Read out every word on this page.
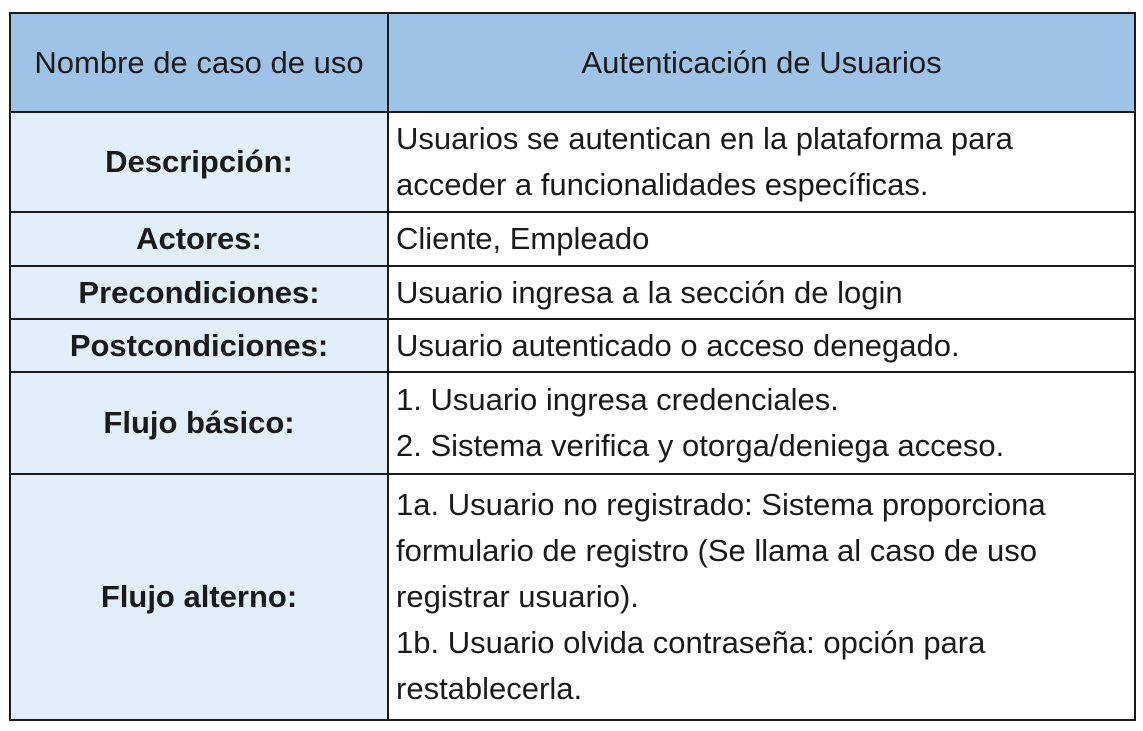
Nombre de caso de uso	Autenticación de Usuarios
Descripción:	Usuarios se autentican en la plataforma para
acceder a funcionalidades específicas.

Actores:	Cliente, Empleado

Precondiciones:	Usuario ingresa a la sección de login

Postcondiciones:	Usuario autenticado o acceso denegado.

Flujo básico:	1. Usuario ingresa credenciales.
2. Sistema verifica y otorga/deniega acceso.

Flujo alterno:	1a. Usuario no registrado: Sistema proporciona
formulario de registro (Se llama al caso de uso
registrar usuario).
1b. Usuario olvida contraseña: opción para
restablecerla.
